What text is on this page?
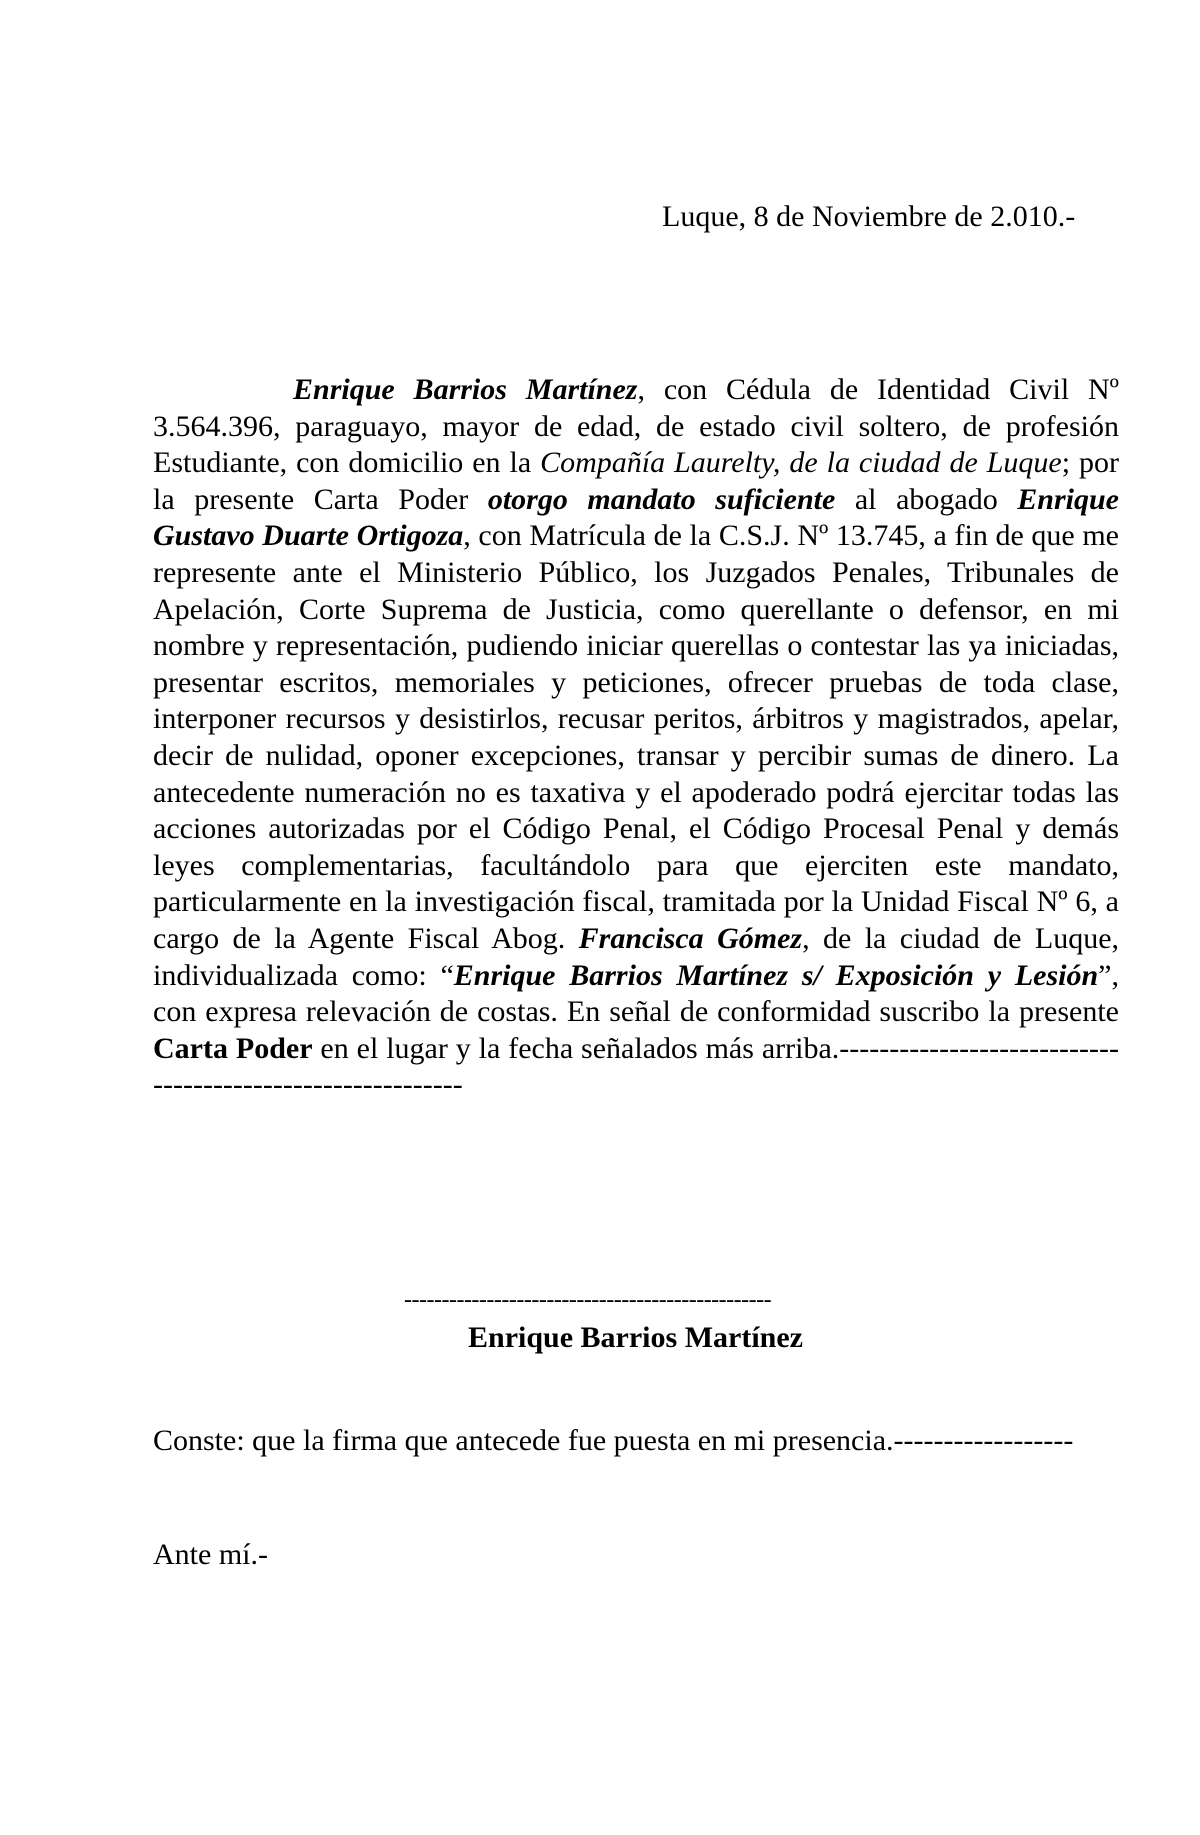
Luque, 8 de Noviembre de 2.010.-

Enrique Barrios Martínez, con Cédula de Identidad Civil Nº 3.564.396, paraguayo, mayor de edad, de estado civil soltero, de profesión Estudiante, con domicilio en la Compañía Laurelty, de la ciudad de Luque; por la presente Carta Poder otorgo mandato suficiente al abogado Enrique Gustavo Duarte Ortigoza, con Matrícula de la C.S.J. Nº 13.745, a fin de que me represente ante el Ministerio Público, los Juzgados Penales, Tribunales de Apelación, Corte Suprema de Justicia, como querellante o defensor, en mi nombre y representación, pudiendo iniciar querellas o contestar las ya iniciadas, presentar escritos, memoriales y peticiones, ofrecer pruebas de toda clase, interponer recursos y desistirlos, recusar peritos, árbitros y magistrados, apelar, decir de nulidad, oponer excepciones, transar y percibir sumas de dinero. La antecedente numeración no es taxativa y el apoderado podrá ejercitar todas las acciones autorizadas por el Código Penal, el Código Procesal Penal y demás leyes complementarias, facultándolo para que ejerciten este mandato, particularmente en la investigación fiscal, tramitada por la Unidad Fiscal Nº 6, a cargo de la Agente Fiscal Abog. Francisca Gómez, de la ciudad de Luque, individualizada como: “Enrique Barrios Martínez s/ Exposición y Lesión”, con expresa relevación de costas. En señal de conformidad suscribo la presente Carta Poder en el lugar y la fecha señalados más arriba.-----------------------------------------------------------

-------------------------------------------------
Enrique Barrios Martínez
Conste: que la firma que antecede fue puesta en mi presencia.------------------
Ante mí.-
